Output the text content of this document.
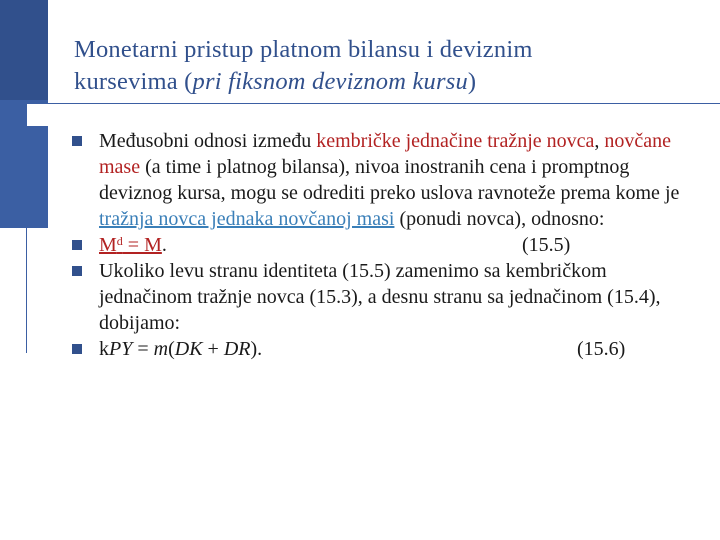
Monetarni pristup platnom bilansu i deviznim
kursevima (pri fiksnom deviznom kursu)
Međusobni odnosi između kembričke jednačine tražnje novca, novčane mase (a time i platnog bilansa), nivoa inostranih cena i promptnog deviznog kursa, mogu se odrediti preko uslova ravnoteže prema kome je tražnja novca jednaka novčanoj masi (ponudi novca), odnosno:
$M^d = M$.	(15.5)
Ukoliko levu stranu identiteta (15.5) zamenimo sa kembričkom jednačinom tražnje novca (15.3), a desnu stranu sa jednačinom (15.4), dobijamo:
kPY = m(DK + DR).	(15.6)
